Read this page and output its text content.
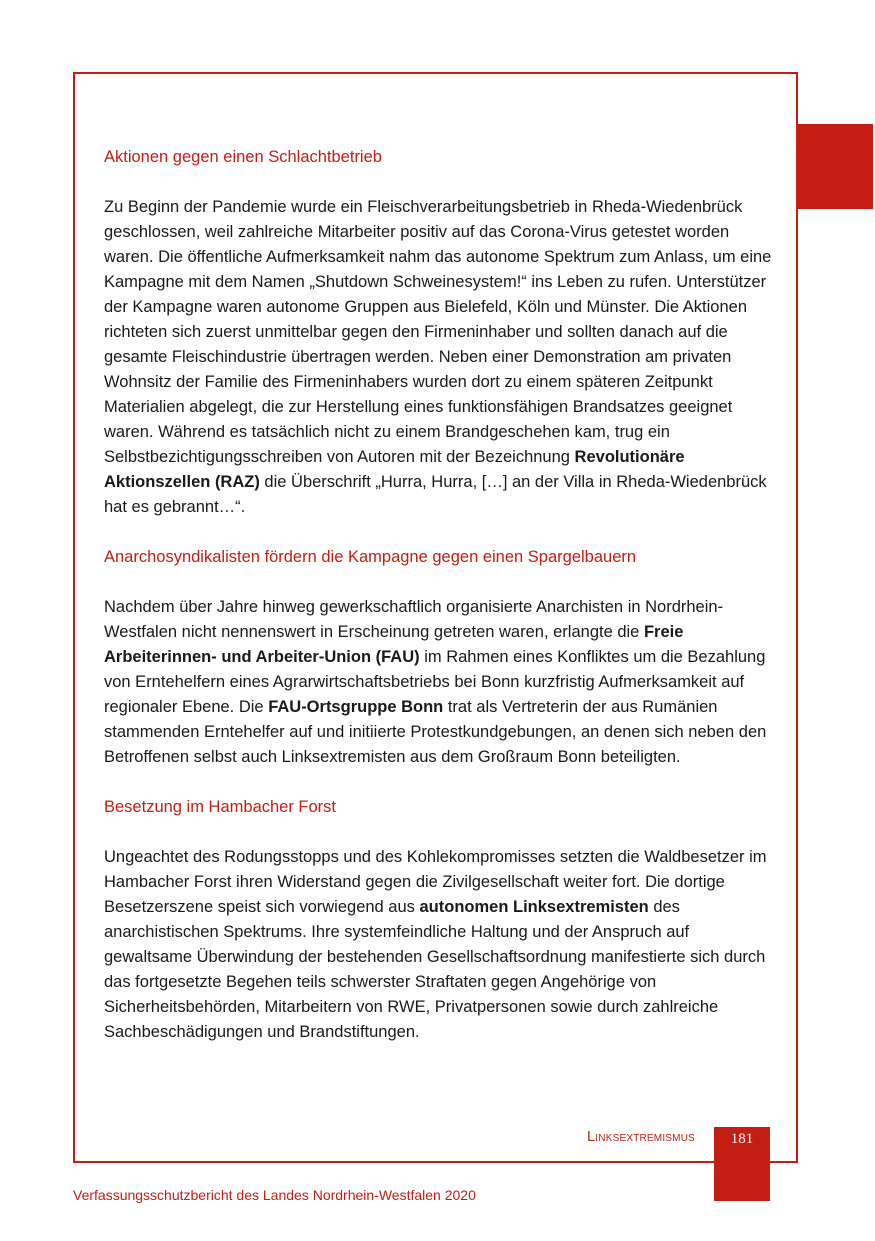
Aktionen gegen einen Schlachtbetrieb

Zu Beginn der Pandemie wurde ein Fleischverarbeitungsbetrieb in Rheda-Wiedenbrück geschlossen, weil zahlreiche Mitarbeiter positiv auf das Corona-Virus getestet worden waren. Die öffentliche Aufmerksamkeit nahm das autonome Spektrum zum Anlass, um eine Kampagne mit dem Namen „Shutdown Schweinesystem!“ ins Leben zu rufen. Unterstützer der Kampagne waren autonome Gruppen aus Bielefeld, Köln und Münster. Die Aktionen richteten sich zuerst unmittelbar gegen den Firmeninhaber und sollten danach auf die gesamte Fleischindustrie übertragen werden. Neben einer Demonstration am privaten Wohnsitz der Familie des Firmeninhabers wurden dort zu einem späteren Zeitpunkt Materialien abgelegt, die zur Herstellung eines funktionsfähigen Brandsatzes geeignet waren. Während es tatsächlich nicht zu einem Brandgeschehen kam, trug ein Selbstbezichtigungsschreiben von Autoren mit der Bezeichnung Revolutionäre Aktionszellen (RAZ) die Überschrift „Hurra, Hurra, […] an der Villa in Rheda-Wiedenbrück hat es gebrannt…“.

Anarchosyndikalisten fördern die Kampagne gegen einen Spargelbauern

Nachdem über Jahre hinweg gewerkschaftlich organisierte Anarchisten in Nordrhein-Westfalen nicht nennenswert in Erscheinung getreten waren, erlangte die Freie Arbeiterinnen- und Arbeiter-Union (FAU) im Rahmen eines Konfliktes um die Bezahlung von Erntehelfern eines Agrarwirtschaftsbetriebs bei Bonn kurzfristig Aufmerksamkeit auf regionaler Ebene. Die FAU-Ortsgruppe Bonn trat als Vertreterin der aus Rumänien stammenden Erntehelfer auf und initiierte Protestkundgebungen, an denen sich neben den Betroffenen selbst auch Linksextremisten aus dem Großraum Bonn beteiligten.

Besetzung im Hambacher Forst

Ungeachtet des Rodungsstopps und des Kohlekompromisses setzten die Waldbesetzer im Hambacher Forst ihren Widerstand gegen die Zivilgesellschaft weiter fort. Die dortige Besetzerszene speist sich vorwiegend aus autonomen Linksextremisten des anarchistischen Spektrums. Ihre systemfeindliche Haltung und der Anspruch auf gewaltsame Überwindung der bestehenden Gesellschaftsordnung manifestierte sich durch das fortgesetzte Begehen teils schwerster Straftaten gegen Angehörige von Sicherheitsbehörden, Mitarbeitern von RWE, Privatpersonen sowie durch zahlreiche Sachbeschädigungen und Brandstiftungen.

Linksextremismus	181
Verfassungsschutzbericht des Landes Nordrhein-Westfalen 2020
